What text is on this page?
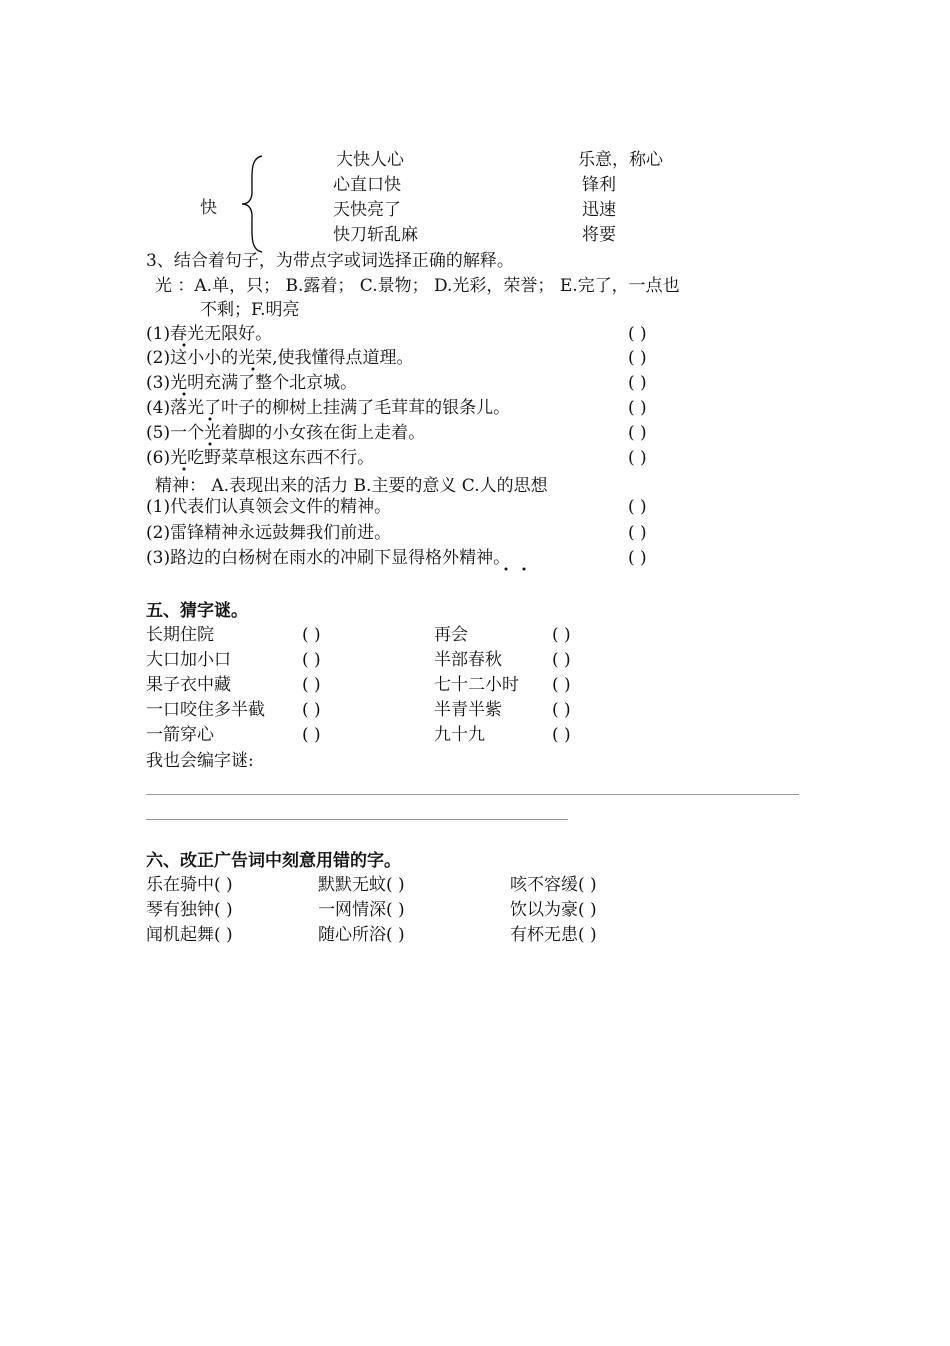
快
大快人心	乐意，称心
心直口快	锋利
天快亮了	迅速
快刀斩乱麻	将要
3、结合着句子，为带点字或词选择正确的解释。
光 ：A.单，只； B.露着； C.景物； D.光彩，荣誉； E.完了，一点也
不剩；F.明亮
(1)春光无限好。	( )
(2)这小小的光荣,使我懂得点道理。	( )
(3)光明充满了整个北京城。	( )
(4)落光了叶子的柳树上挂满了毛茸茸的银条儿。	( )
(5)一个光着脚的小女孩在街上走着。	( )
(6)光吃野菜草根这东西不行。	( )
精神： A.表现出来的活力 B.主要的意义 C.人的思想
(1)代表们认真领会文件的精神。	( )
(2)雷锋精神永远鼓舞我们前进。	( )
(3)路边的白杨树在雨水的冲刷下显得格外精神。	( )
五、猜字谜。
长期住院	( )	再会	( )
大口加小口	( )	半部春秋	( )
果子衣中藏	( )	七十二小时 ( )
一口咬住多半截 ( )	半青半紫	( )
一箭穿心	( )	九十九	( )
我也会编字谜:
六、改正广告词中刻意用错的字。
乐在骑中( )	默默无蚊( )	咳不容缓( )
琴有独钟( )	一网情深( )	饮以为豪( )
闻机起舞( )	随心所浴( )	有杯无患( )
